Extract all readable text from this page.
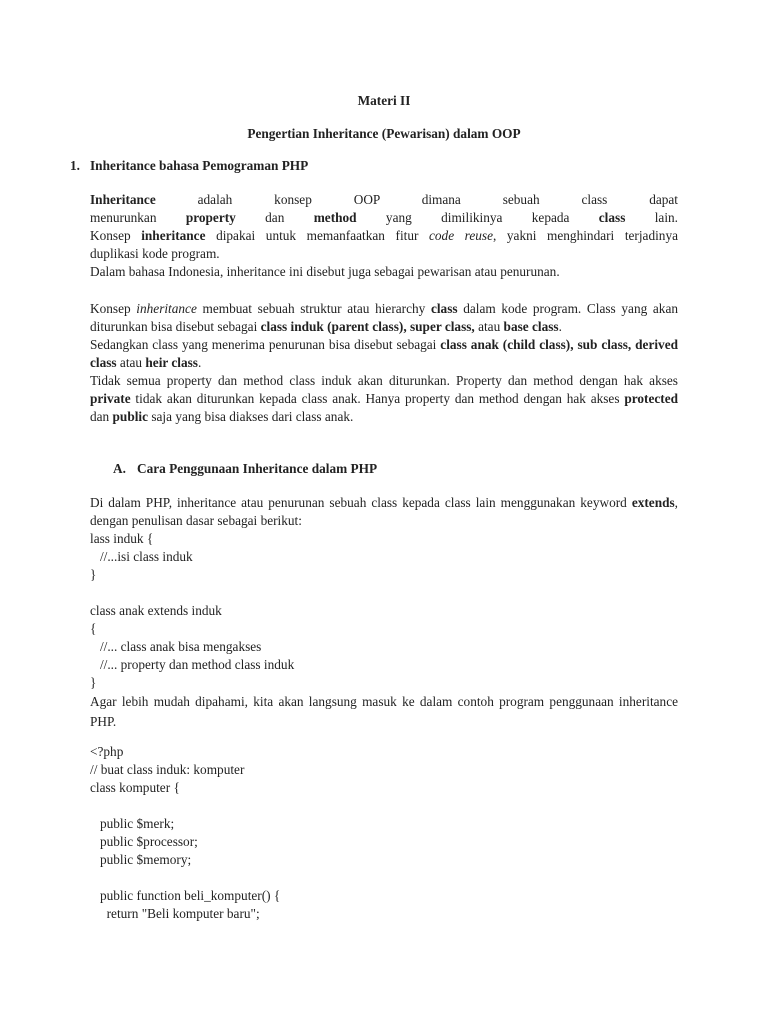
Materi II

Pengertian Inheritance (Pewarisan) dalam OOP

1. Inheritance bahasa Pemograman PHP

Inheritance adalah konsep OOP dimana sebuah class dapat

menurunkan property dan method yang dimilikinya kepada class lain.

Konsep inheritance dipakai untuk memanfaatkan fitur code reuse, yakni menghindari terjadinya

duplikasi kode program.

Dalam bahasa Indonesia, inheritance ini disebut juga sebagai pewarisan atau penurunan.

Konsep inheritance membuat sebuah struktur atau hierarchy class dalam kode program. Class yang akan diturunkan bisa disebut sebagai class induk (parent class), super class, atau base class.

Sedangkan class yang menerima penurunan bisa disebut sebagai class anak (child class), sub class, derived class atau heir class.

Tidak semua property dan method class induk akan diturunkan. Property dan method dengan hak akses private tidak akan diturunkan kepada class anak. Hanya property dan method dengan hak akses protected dan public saja yang bisa diakses dari class anak.

A. Cara Penggunaan Inheritance dalam PHP

Di dalam PHP, inheritance atau penurunan sebuah class kepada class lain menggunakan keyword extends, dengan penulisan dasar sebagai berikut:

lass induk {
//...isi class induk
}

class anak extends induk
{
//... class anak bisa mengakses
//... property dan method class induk
}

Agar lebih mudah dipahami, kita akan langsung masuk ke dalam contoh program penggunaan inheritance PHP.

<?php
// buat class induk: komputer
class komputer {

public $merk;
public $processor;
public $memory;

public function beli_komputer() {
return "Beli komputer baru";
